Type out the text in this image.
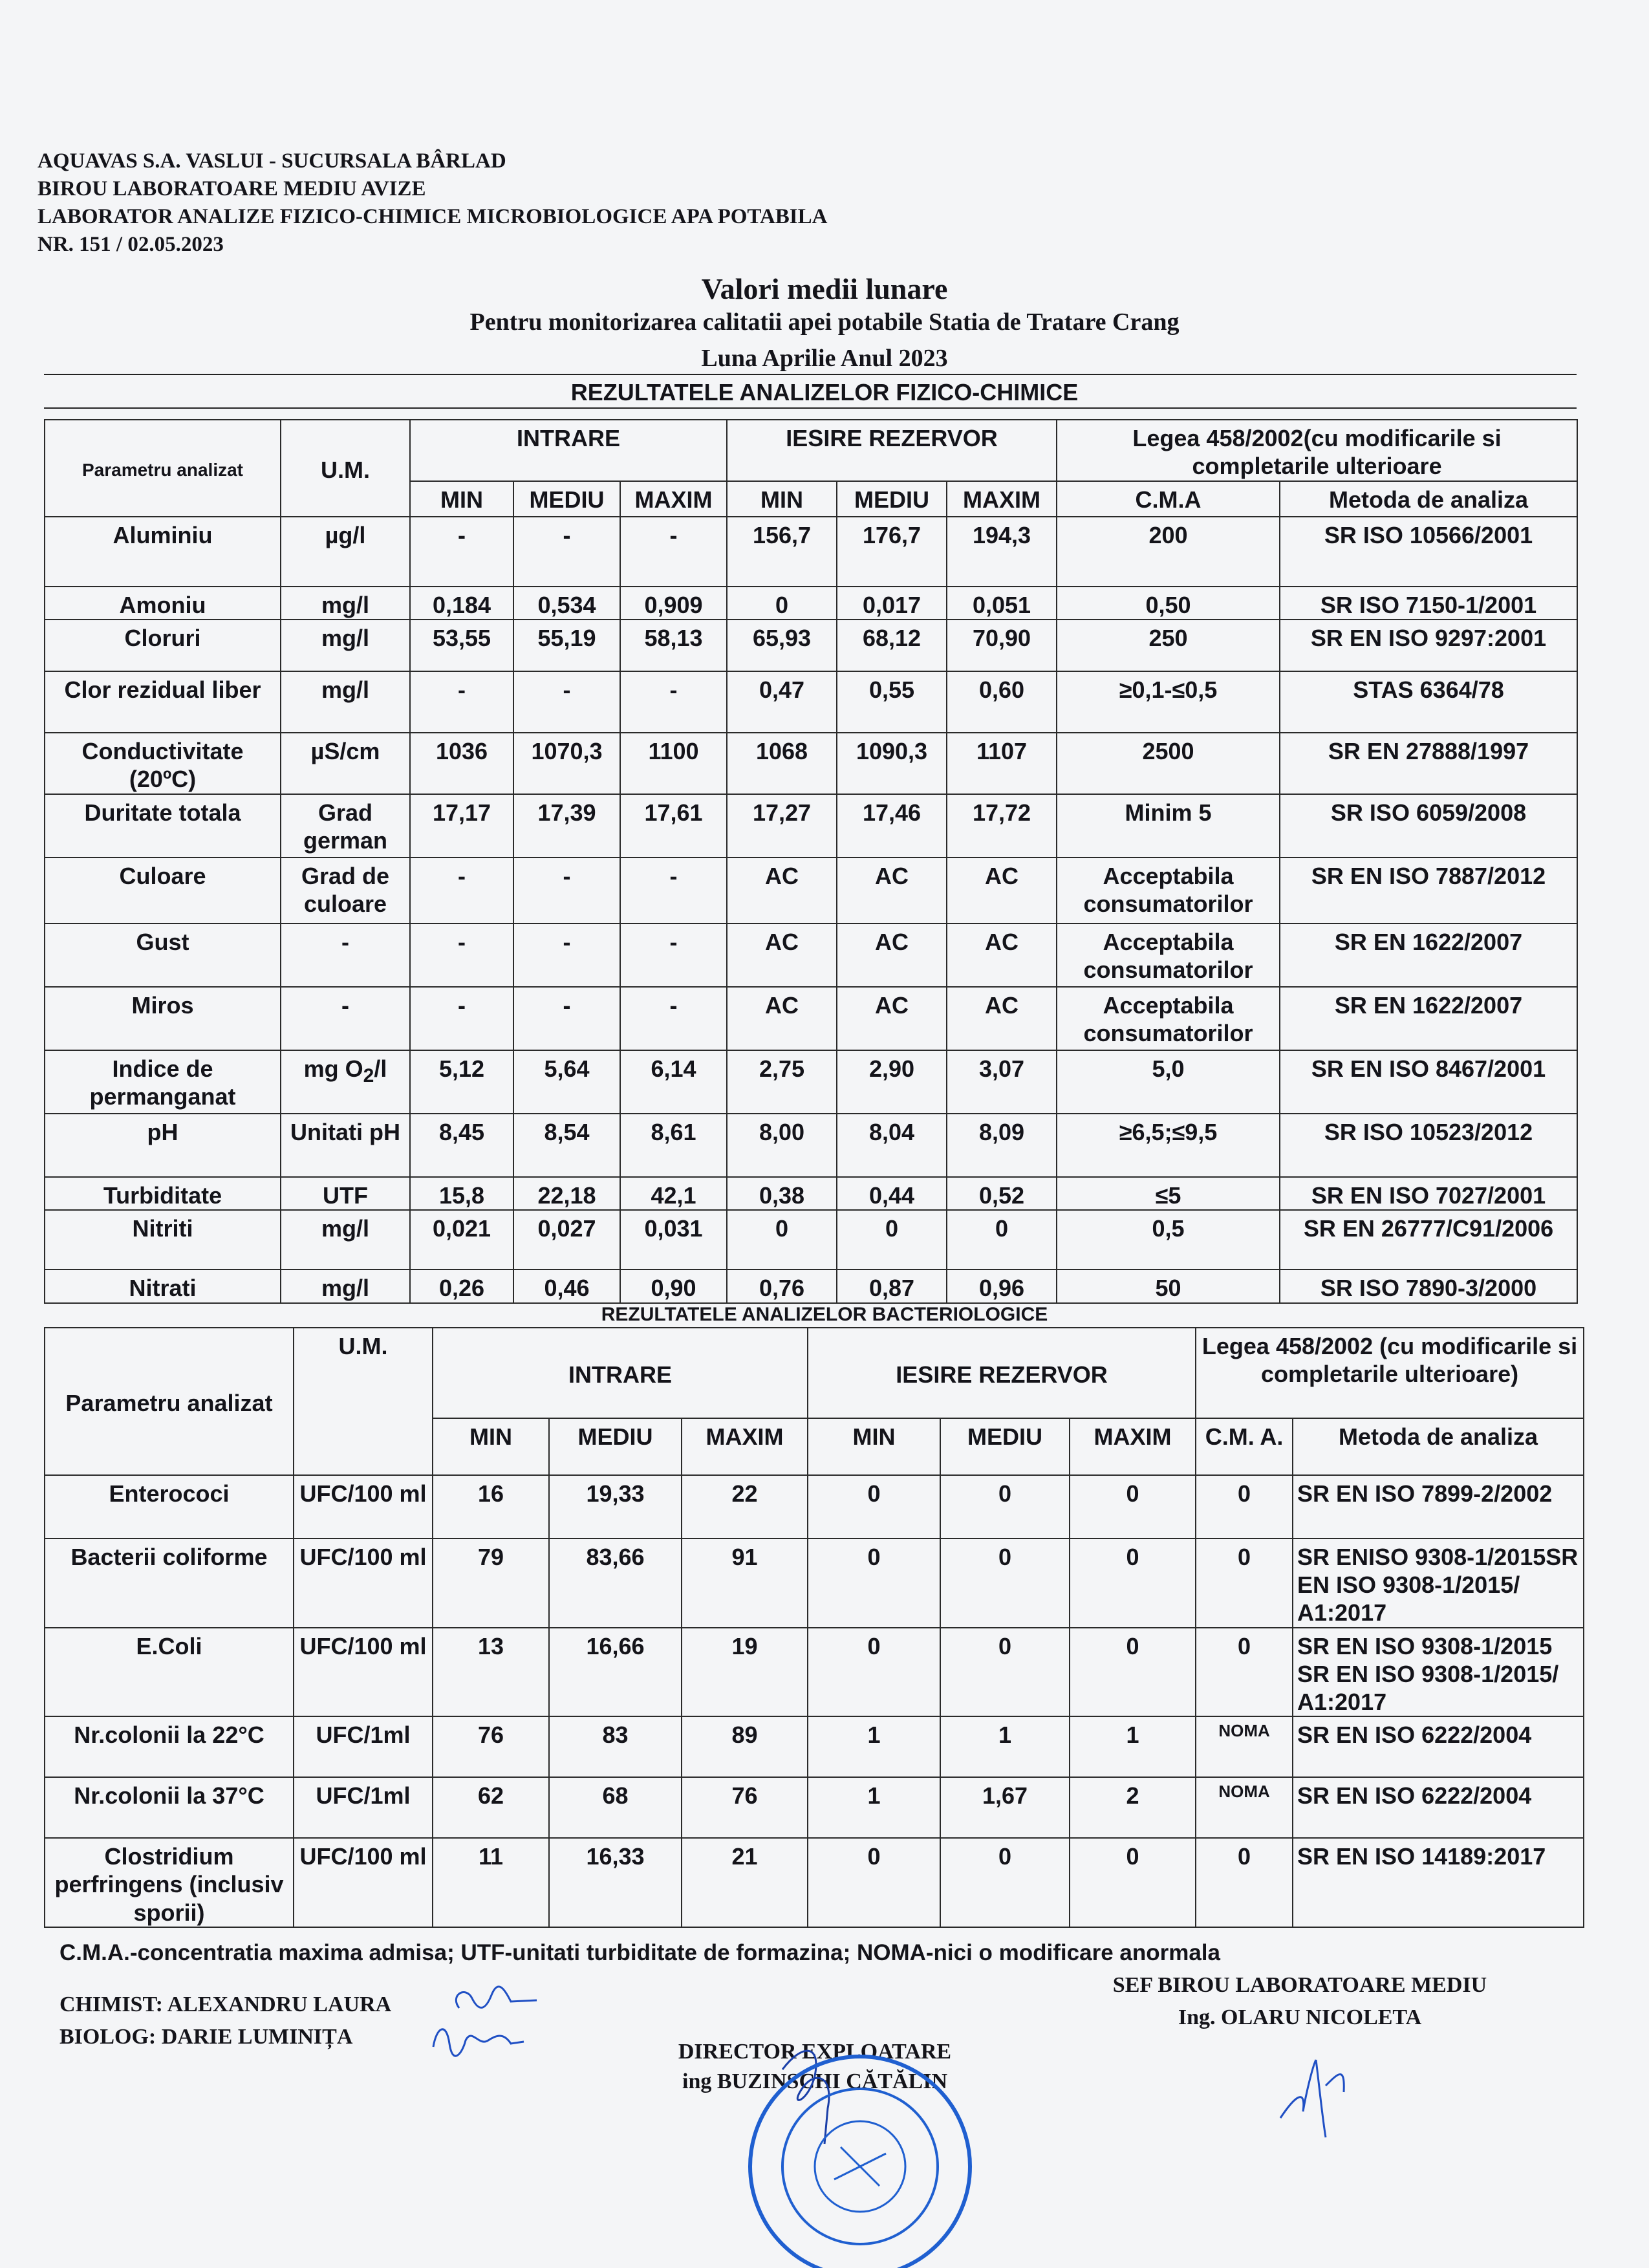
AQUAVAS S.A. VASLUI - SUCURSALA BÂRLAD
BIROU LABORATOARE MEDIU AVIZE
LABORATOR ANALIZE FIZICO-CHIMICE MICROBIOLOGICE APA POTABILA
NR. 151 / 02.05.2023
Valori medii lunare
Pentru monitorizarea calitatii apei potabile Statia de Tratare Crang
Luna Aprilie Anul 2023
REZULTATELE ANALIZELOR FIZICO-CHIMICE
Parametru analizat	U.M.	INTRARE			IESIRE REZERVOR			Legea 458/2002(cu modificarile si completarile ulterioare	
		MIN	MEDIU	MAXIM	MIN	MEDIU	MAXIM	C.M.A	Metoda de analiza
Aluminiu	µg/l	-	-	-	156,7	176,7	194,3	200	SR ISO 10566/2001
Amoniu	mg/l	0,184	0,534	0,909	0	0,017	0,051	0,50	SR ISO 7150-1/2001
Cloruri	mg/l	53,55	55,19	58,13	65,93	68,12	70,90	250	SR EN ISO 9297:2001
Clor rezidual liber	mg/l	-	-	-	0,47	0,55	0,60	≥0,1-≤0,5	STAS 6364/78
Conductivitate (20ºC)	µS/cm	1036	1070,3	1100	1068	1090,3	1107	2500	SR EN 27888/1997
Duritate totala	Grad german	17,17	17,39	17,61	17,27	17,46	17,72	Minim 5	SR ISO 6059/2008
Culoare	Grad de culoare	-	-	-	AC	AC	AC	Acceptabila consumatorilor	SR EN ISO 7887/2012
Gust	-	-	-	-	AC	AC	AC	Acceptabila consumatorilor	SR EN 1622/2007
Miros	-	-	-	-	AC	AC	AC	Acceptabila consumatorilor	SR EN 1622/2007
Indice de permanganat	mg $O_2/l$	5,12	5,64	6,14	2,75	2,90	3,07	5,0	SR EN ISO 8467/2001
pH	Unitati pH	8,45	8,54	8,61	8,00	8,04	8,09	≥6,5;≤9,5	SR ISO 10523/2012
Turbiditate	UTF	15,8	22,18	42,1	0,38	0,44	0,52	≤5	SR EN ISO 7027/2001
Nitriti	mg/l	0,021	0,027	0,031	0	0	0	0,5	SR EN 26777/C91/2006
Nitrati	mg/l	0,26	0,46	0,90	0,76	0,87	0,96	50	SR ISO 7890-3/2000
REZULTATELE ANALIZELOR BACTERIOLOGICE
Parametru analizat	U.M.	INTRARE			IESIRE REZERVOR			Legea 458/2002 (cu modificarile si completarile ulterioare)	
		MIN	MEDIU	MAXIM	MIN	MEDIU	MAXIM	C.M. A.	Metoda de analiza
Enterococi	UFC/100 ml	16	19,33	22	0	0	0	0	SR EN ISO 7899-2/2002
Bacterii coliforme	UFC/100 ml	79	83,66	91	0	0	0	0	SR ENISO 9308-1/2015SR EN ISO 9308-1/2015/ A1:2017
E.Coli	UFC/100 ml	13	16,66	19	0	0	0	0	SR EN ISO 9308-1/2015 SR EN ISO 9308-1/2015/ A1:2017
Nr.colonii la 22°C	UFC/1ml	76	83	89	1	1	1	NOMA	SR EN ISO 6222/2004
Nr.colonii la 37°C	UFC/1ml	62	68	76	1	1,67	2	NOMA	SR EN ISO 6222/2004
Clostridium perfringens (inclusiv sporii)	UFC/100 ml	11	16,33	21	0	0	0	0	SR EN ISO 14189:2017
C.M.A.-concentratia maxima admisa; UTF-unitati turbiditate de formazina; NOMA-nici o modificare anormala
CHIMIST: ALEXANDRU LAURA
BIOLOG: DARIE LUMINIȚA
SEF BIROU LABORATOARE MEDIU
Ing. OLARU NICOLETA
DIRECTOR EXPLOATARE
ing BUZINSCHI CĂTĂLIN
